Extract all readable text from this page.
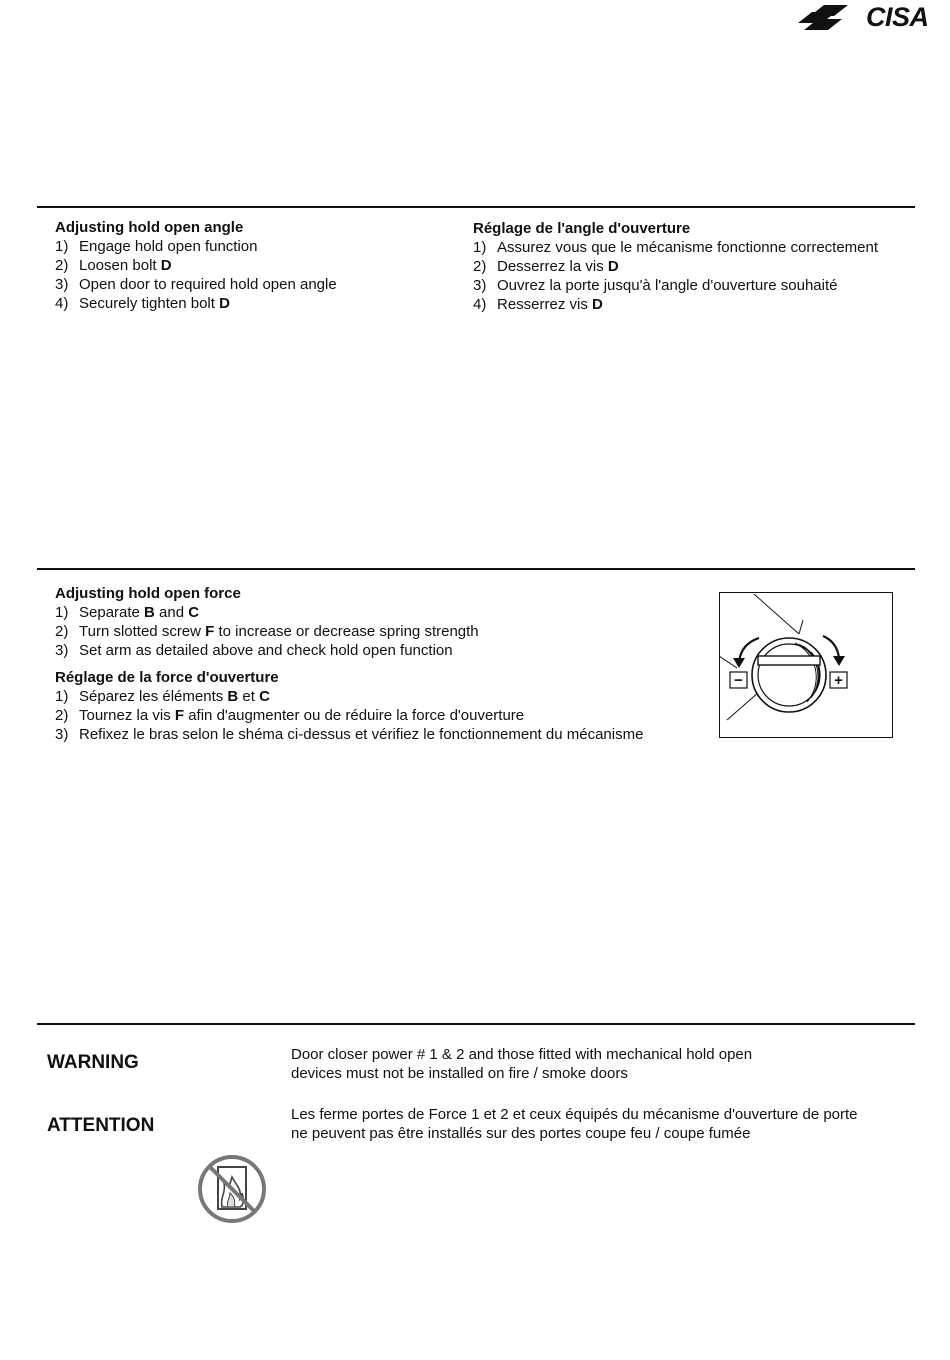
CISA

Adjusting hold open angle

1) Engage hold open function
2) Loosen bolt D
3) Open door to required hold open angle
4) Securely tighten bolt D

Réglage de l'angle d'ouverture

1) Assurez vous que le mécanisme fonctionne correctement
2) Desserrez la vis D
3) Ouvrez la porte jusqu'à l'angle d'ouverture souhaité
4) Resserrez vis D

Adjusting hold open force

1) Separate B and C
2) Turn slotted screw F to increase or decrease spring strength
3) Set arm as detailed above and check hold open function

Réglage de la force d'ouverture

1) Séparez les éléments B et C
2) Tournez la vis F afin d'augmenter ou de réduire la force d'ouverture
3) Refixez le bras selon le shéma ci-dessus et vérifiez le fonctionnement du mécanisme
−	+
WARNING	Door closer power # 1 & 2 and those fitted with mechanical hold open
devices must not be installed on fire / smoke doors
ATTENTION
Les ferme portes de Force 1 et 2 et ceux équipés du mécanisme d'ouverture de porte
ne peuvent pas être installés sur des portes coupe feu / coupe fumée
